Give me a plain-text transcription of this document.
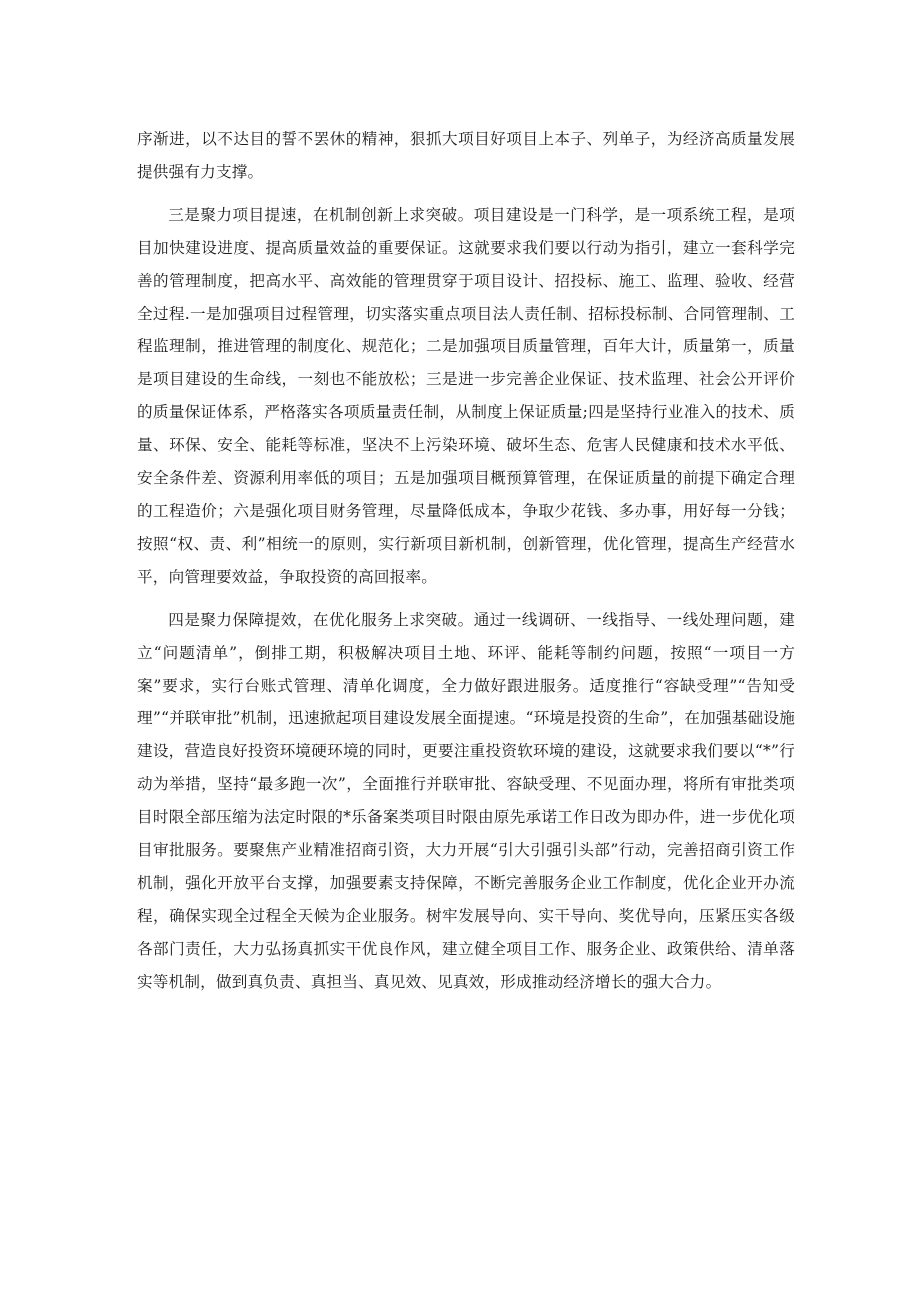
序渐进，以不达目的誓不罢休的精神，狠抓大项目好项目上本子、列单子，为经济高质量发展提供强有力支撑。

三是聚力项目提速，在机制创新上求突破。项目建设是一门科学，是一项系统工程，是项目加快建设进度、提高质量效益的重要保证。这就要求我们要以行动为指引，建立一套科学完善的管理制度，把高水平、高效能的管理贯穿于项目设计、招投标、施工、监理、验收、经营全过程.一是加强项目过程管理，切实落实重点项目法人责任制、招标投标制、合同管理制、工程监理制，推进管理的制度化、规范化；二是加强项目质量管理，百年大计，质量第一，质量是项目建设的生命线，一刻也不能放松；三是进一步完善企业保证、技术监理、社会公开评价的质量保证体系，严格落实各项质量责任制，从制度上保证质量;四是坚持行业准入的技术、质量、环保、安全、能耗等标准，坚决不上污染环境、破坏生态、危害人民健康和技术水平低、安全条件差、资源利用率低的项目；五是加强项目概预算管理，在保证质量的前提下确定合理的工程造价；六是强化项目财务管理，尽量降低成本，争取少花钱、多办事，用好每一分钱；按照“权、责、利”相统一的原则，实行新项目新机制，创新管理，优化管理，提高生产经营水平，向管理要效益，争取投资的高回报率。

四是聚力保障提效，在优化服务上求突破。通过一线调研、一线指导、一线处理问题，建立“问题清单”，倒排工期，积极解决项目土地、环评、能耗等制约问题，按照“一项目一方案”要求，实行台账式管理、清单化调度，全力做好跟进服务。适度推行“容缺受理”“告知受理”“并联审批”机制，迅速掀起项目建设发展全面提速。“环境是投资的生命”，在加强基础设施建设，营造良好投资环境硬环境的同时，更要注重投资软环境的建设，这就要求我们要以“*”行动为举措，坚持“最多跑一次”，全面推行并联审批、容缺受理、不见面办理，将所有审批类项目时限全部压缩为法定时限的*乐备案类项目时限由原先承诺工作日改为即办件，进一步优化项目审批服务。要聚焦产业精准招商引资，大力开展“引大引强引头部”行动，完善招商引资工作机制，强化开放平台支撑，加强要素支持保障，不断完善服务企业工作制度，优化企业开办流程，确保实现全过程全天候为企业服务。树牢发展导向、实干导向、奖优导向，压紧压实各级各部门责任，大力弘扬真抓实干优良作风，建立健全项目工作、服务企业、政策供给、清单落实等机制，做到真负责、真担当、真见效、见真效，形成推动经济增长的强大合力。
